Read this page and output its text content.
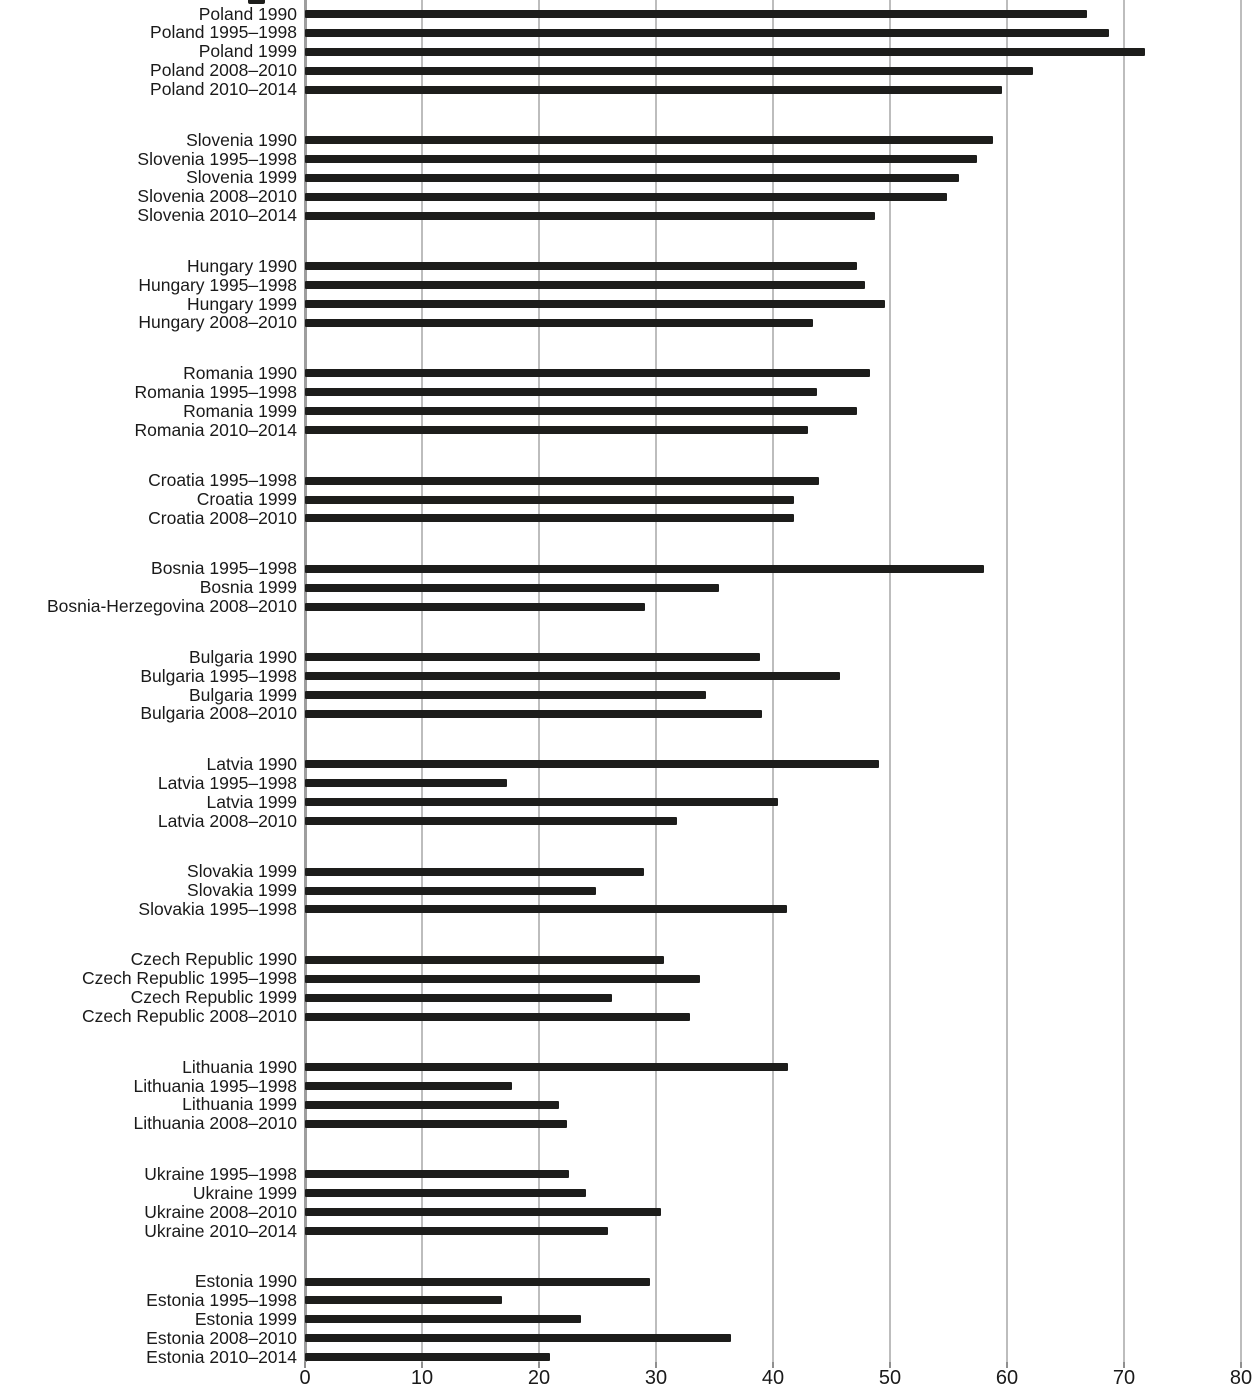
Poland 1990
Poland 1995–1998
Poland 1999
Poland 2008–2010
Poland 2010–2014
Slovenia 1990
Slovenia 1995–1998
Slovenia 1999
Slovenia 2008–2010
Slovenia 2010–2014
Hungary 1990
Hungary 1995–1998
Hungary 1999
Hungary 2008–2010
Romania 1990
Romania 1995–1998
Romania 1999
Romania 2010–2014
Croatia 1995–1998
Croatia 1999
Croatia 2008–2010
Bosnia 1995–1998
Bosnia 1999
Bosnia-Herzegovina 2008–2010
Bulgaria 1990
Bulgaria 1995–1998
Bulgaria 1999
Bulgaria 2008–2010
Latvia 1990
Latvia 1995–1998
Latvia 1999
Latvia 2008–2010
Slovakia 1999
Slovakia 1999
Slovakia 1995–1998
Czech Republic 1990
Czech Republic 1995–1998
Czech Republic 1999
Czech Republic 2008–2010
Lithuania 1990
Lithuania 1995–1998
Lithuania 1999
Lithuania 2008–2010
Ukraine 1995–1998
Ukraine 1999
Ukraine 2008–2010
Ukraine 2010–2014
Estonia 1990
Estonia 1995–1998
Estonia 1999
Estonia 2008–2010
Estonia 2010–2014
0	10	20	30	40	50	60	70	80
